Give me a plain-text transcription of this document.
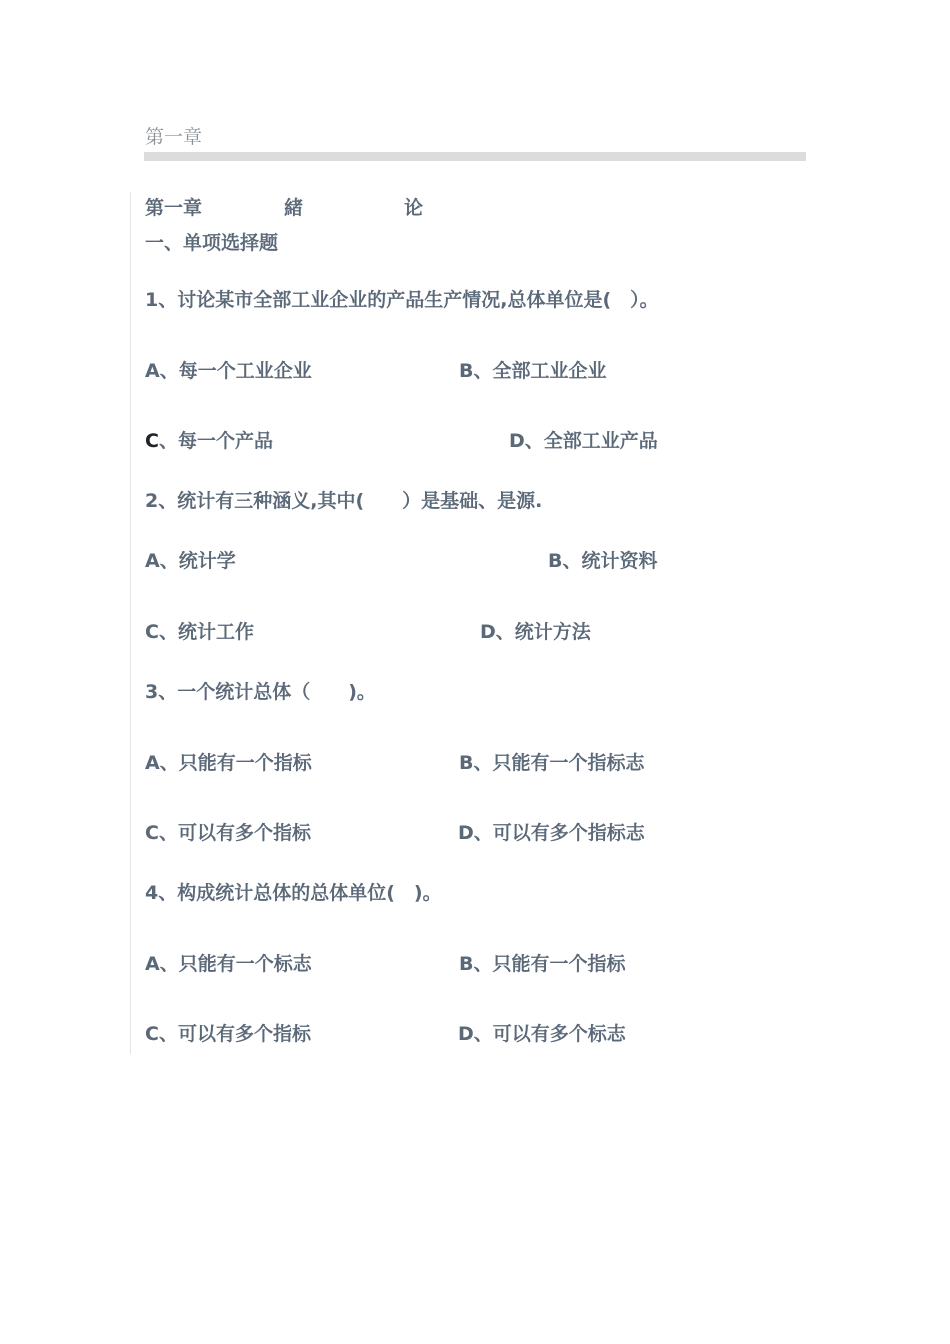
第一章

第一章

	緒

	论

一、单项选择题
1、讨论某市全部工业企业的产品生产情况,总体单位是(　）。
A、每一个工业企业	B、全部工业企业
C、每一个产品	D、全部工业产品
2、统计有三种涵义,其中(　　）是基础、是源.
A、统计学	B、统计资料
C、统计工作	D、统计方法
3、一个统计总体（　　)。
A、只能有一个指标	B、只能有一个指标志
C、可以有多个指标	D、可以有多个指标志
4、构成统计总体的总体单位(　)。
A、只能有一个标志	B、只能有一个指标
C、可以有多个指标	D、可以有多个标志
